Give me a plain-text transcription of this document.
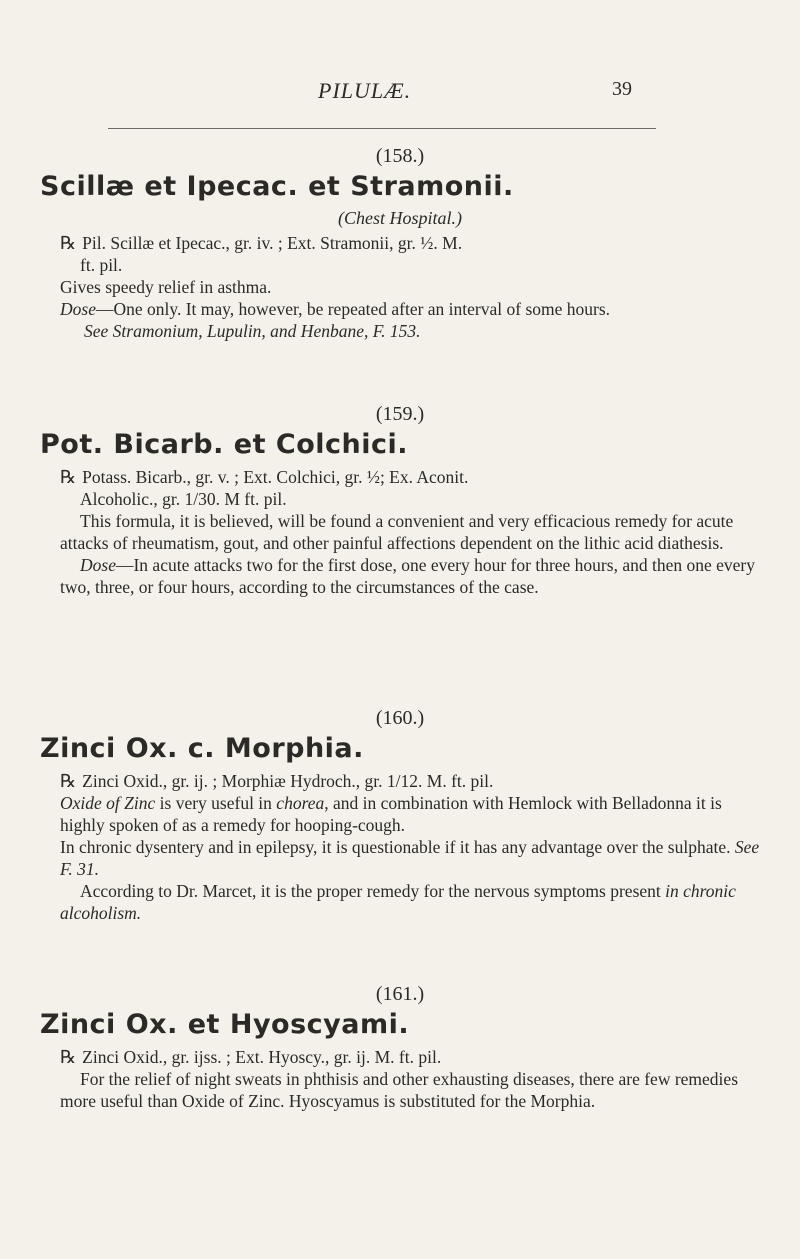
PILULÆ.	39
(158.)
Scillæ et Ipecac. et Stramonii.
(Chest Hospital.)
℞ Pil. Scillæ et Ipecac., gr. iv. ; Ext. Stramonii, gr. ½. M.
ft. pil.
Gives speedy relief in asthma.
Dose—One only. It may, however, be repeated after an interval of some hours.
See Stramonium, Lupulin, and Henbane, F. 153.
(159.)
Pot. Bicarb. et Colchici.
℞ Potass. Bicarb., gr. v. ; Ext. Colchici, gr. ½; Ex. Aconit.
Alcoholic., gr. 1/30. M ft. pil.
This formula, it is believed, will be found a convenient and very efficacious remedy for acute attacks of rheumatism, gout, and other painful affections dependent on the lithic acid diathesis.
Dose—In acute attacks two for the first dose, one every hour for three hours, and then one every two, three, or four hours, according to the circumstances of the case.
(160.)
Zinci Ox. c. Morphia.
℞ Zinci Oxid., gr. ij. ; Morphiæ Hydroch., gr. 1/12. M. ft. pil.
Oxide of Zinc is very useful in chorea, and in combination with Hemlock with Belladonna it is highly spoken of as a remedy for hooping-cough.
In chronic dysentery and in epilepsy, it is questionable if it has any advantage over the sulphate. See F. 31.
According to Dr. Marcet, it is the proper remedy for the nervous symptoms present in chronic alcoholism.
(161.)
Zinci Ox. et Hyoscyami.
℞ Zinci Oxid., gr. ijss. ; Ext. Hyoscy., gr. ij. M. ft. pil.
For the relief of night sweats in phthisis and other exhausting diseases, there are few remedies more useful than Oxide of Zinc. Hyoscyamus is substituted for the Morphia.
